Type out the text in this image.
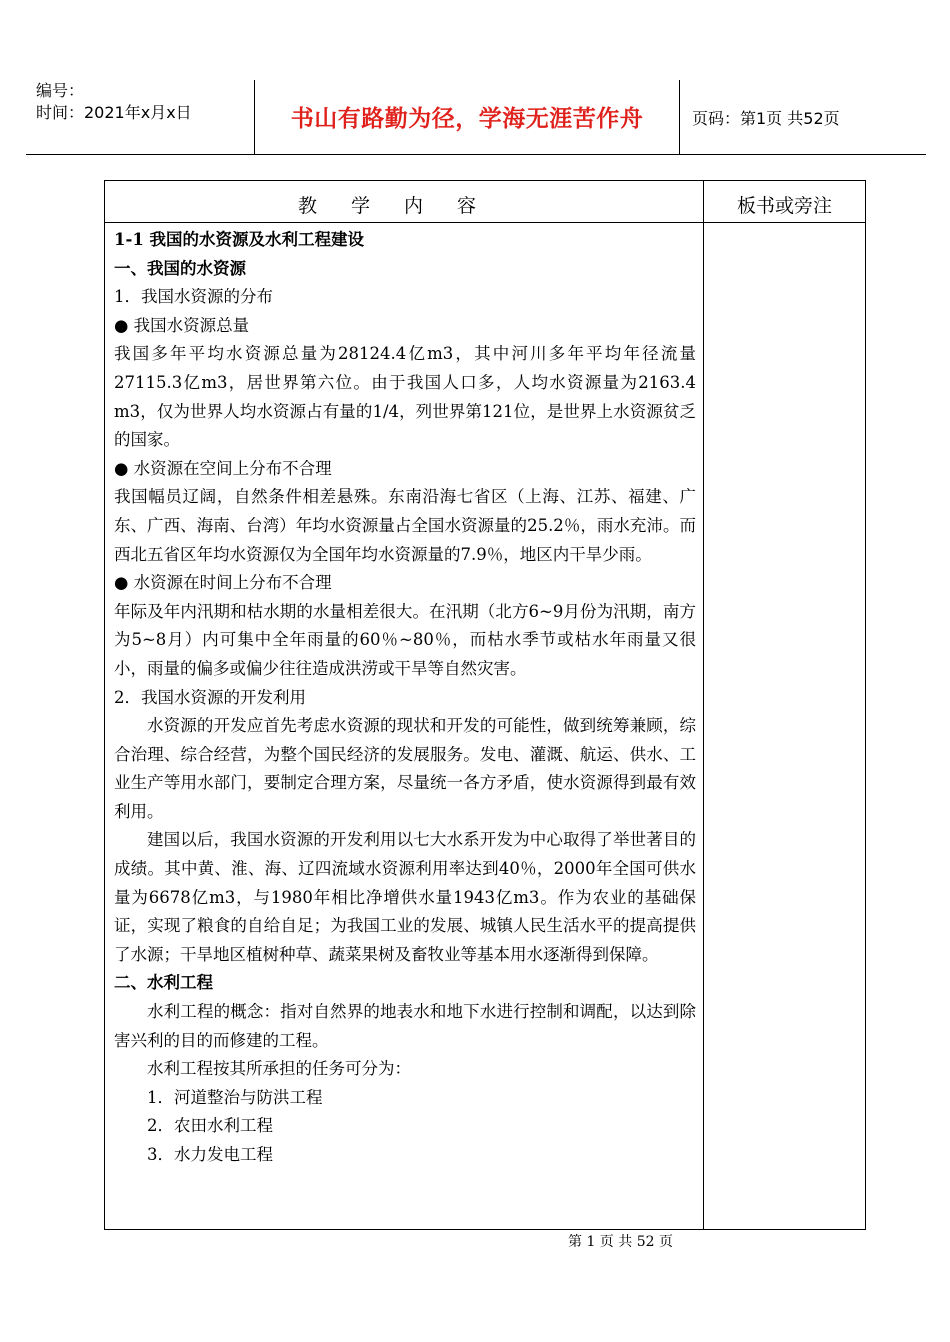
编号：
时间：2021年x月x日	书山有路勤为径，学海无涯苦作舟	页码：第1页 共52页
教学内容	板书或旁注

1-1 我国的水资源及水利工程建设

一、我国的水资源

1．我国水资源的分布

● 我国水资源总量

我国多年平均水资源总量为28124.4亿m3，其中河川多年平均年径流量27115.3亿m3，居世界第六位。由于我国人口多，人均水资源量为2163.4 m3，仅为世界人均水资源占有量的1/4，列世界第121位，是世界上水资源贫乏的国家。

● 水资源在空间上分布不合理

我国幅员辽阔，自然条件相差悬殊。东南沿海七省区（上海、江苏、福建、广东、广西、海南、台湾）年均水资源量占全国水资源量的25.2％，雨水充沛。而西北五省区年均水资源仅为全国年均水资源量的7.9％，地区内干旱少雨。

● 水资源在时间上分布不合理

年际及年内汛期和枯水期的水量相差很大。在汛期（北方6~9月份为汛期，南方为5~8月）内可集中全年雨量的60％~80％，而枯水季节或枯水年雨量又很小，雨量的偏多或偏少往往造成洪涝或干旱等自然灾害。

2．我国水资源的开发利用

水资源的开发应首先考虑水资源的现状和开发的可能性，做到统筹兼顾，综合治理、综合经营，为整个国民经济的发展服务。发电、灌溉、航运、供水、工业生产等用水部门，要制定合理方案，尽量统一各方矛盾，使水资源得到最有效利用。

建国以后，我国水资源的开发利用以七大水系开发为中心取得了举世著目的成绩。其中黄、淮、海、辽四流域水资源利用率达到40％，2000年全国可供水量为6678亿m3，与1980年相比净增供水量1943亿m3。作为农业的基础保证，实现了粮食的自给自足；为我国工业的发展、城镇人民生活水平的提高提供了水源；干旱地区植树种草、蔬菜果树及畜牧业等基本用水逐渐得到保障。

二、水利工程

水利工程的概念：指对自然界的地表水和地下水进行控制和调配，以达到除害兴利的目的而修建的工程。

水利工程按其所承担的任务可分为：

1．河道整治与防洪工程

2．农田水利工程

3．水力发电工程

第 1 页 共 52 页
